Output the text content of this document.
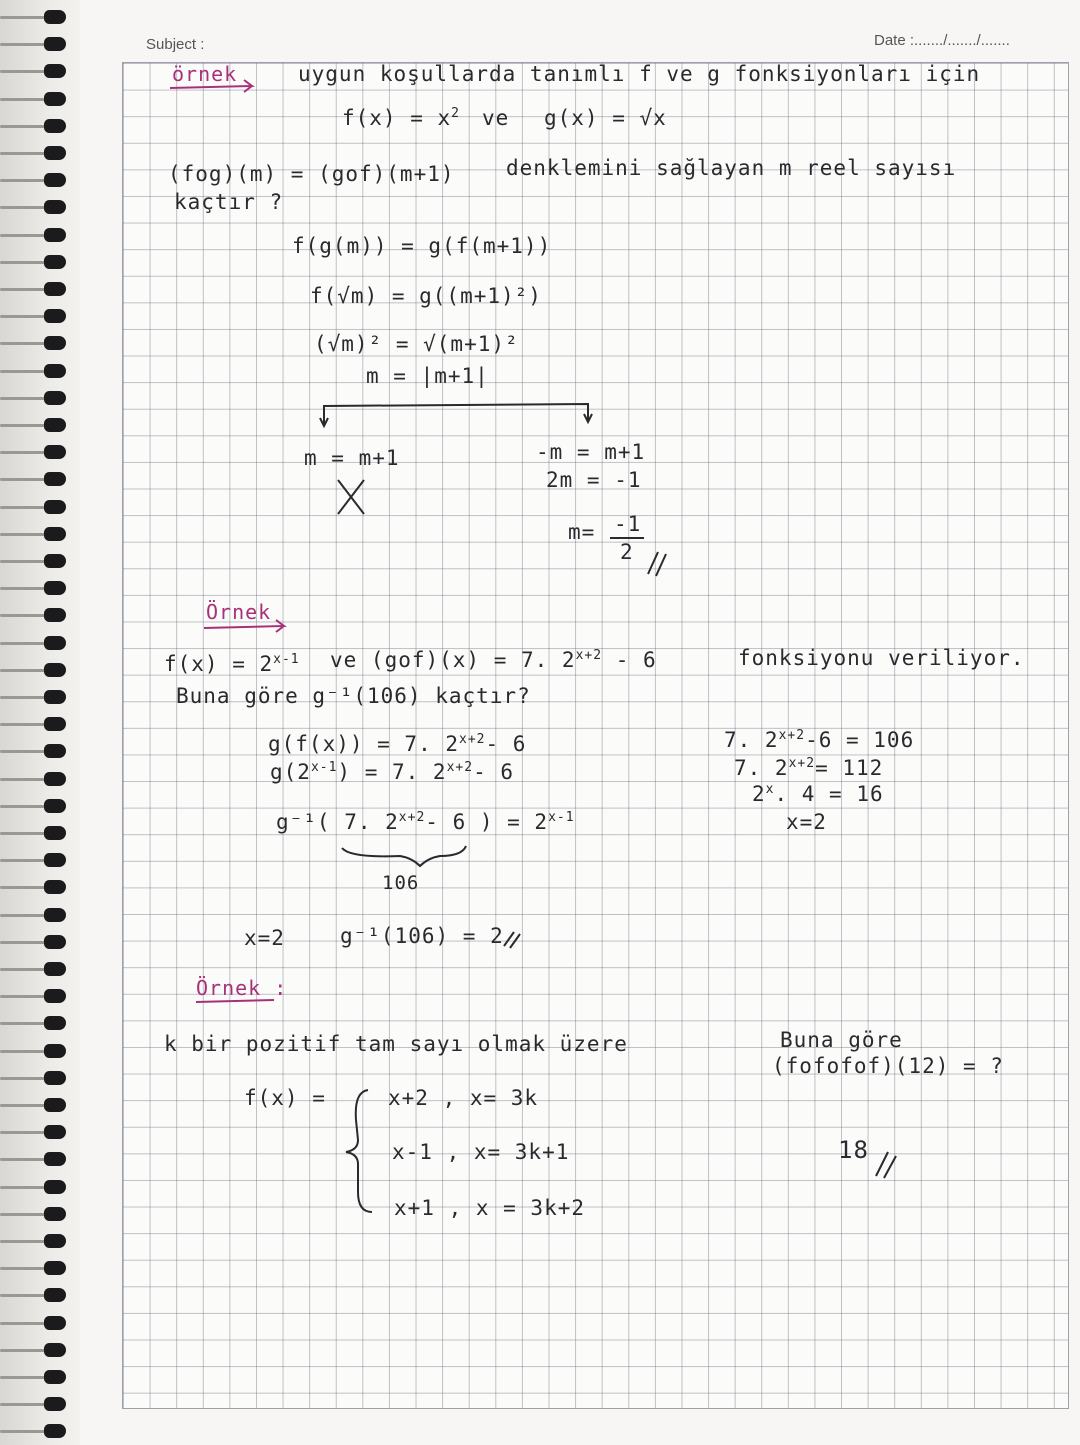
Subject :	Date :......./......./.......
örnek	uygun koşullarda tanımlı f ve g fonksiyonları için
$f(x) = x^2$ ve g(x) = √x
(fog)(m) = (gof)(m+1) denklemini sağlayan m reel sayısı
kaçtır ?
f(g(m)) = g(f(m+1))
f(√m) = g((m+1)²)
(√m)² = √(m+1)²
m = |m+1|
m = m+1	-m = m+1
2m = -1
m= -1
2
Örnek
$f(x) = 2^{x-1}$ ve (gof)(x) = 7. $2^{x+2} - 6$	fonksiyonu veriliyor.
Buna göre g⁻¹(106) kaçtır?
g(f(x)) = 7. $2^{x+2}-$ 6
$g(2^{x-1}) = 7$. $2^{x+2}-$ 6
g⁻¹( 7. $2^{x+2}-$ 6 ) = $2^{x-1}$
106
7. $2^{x+2}-6 = 106$
7. $2^{x+2}= 112$
2$^x$. 4 = 16
x=2
x=2	g⁻¹(106) = 2
Örnek :
k bir pozitif tam sayı olmak üzere	Buna göre
(fofofof)(12) = ?
f(x) =	x+2 , x= 3k
x-1 , x= 3k+1
x+1 , x = 3k+2
18
